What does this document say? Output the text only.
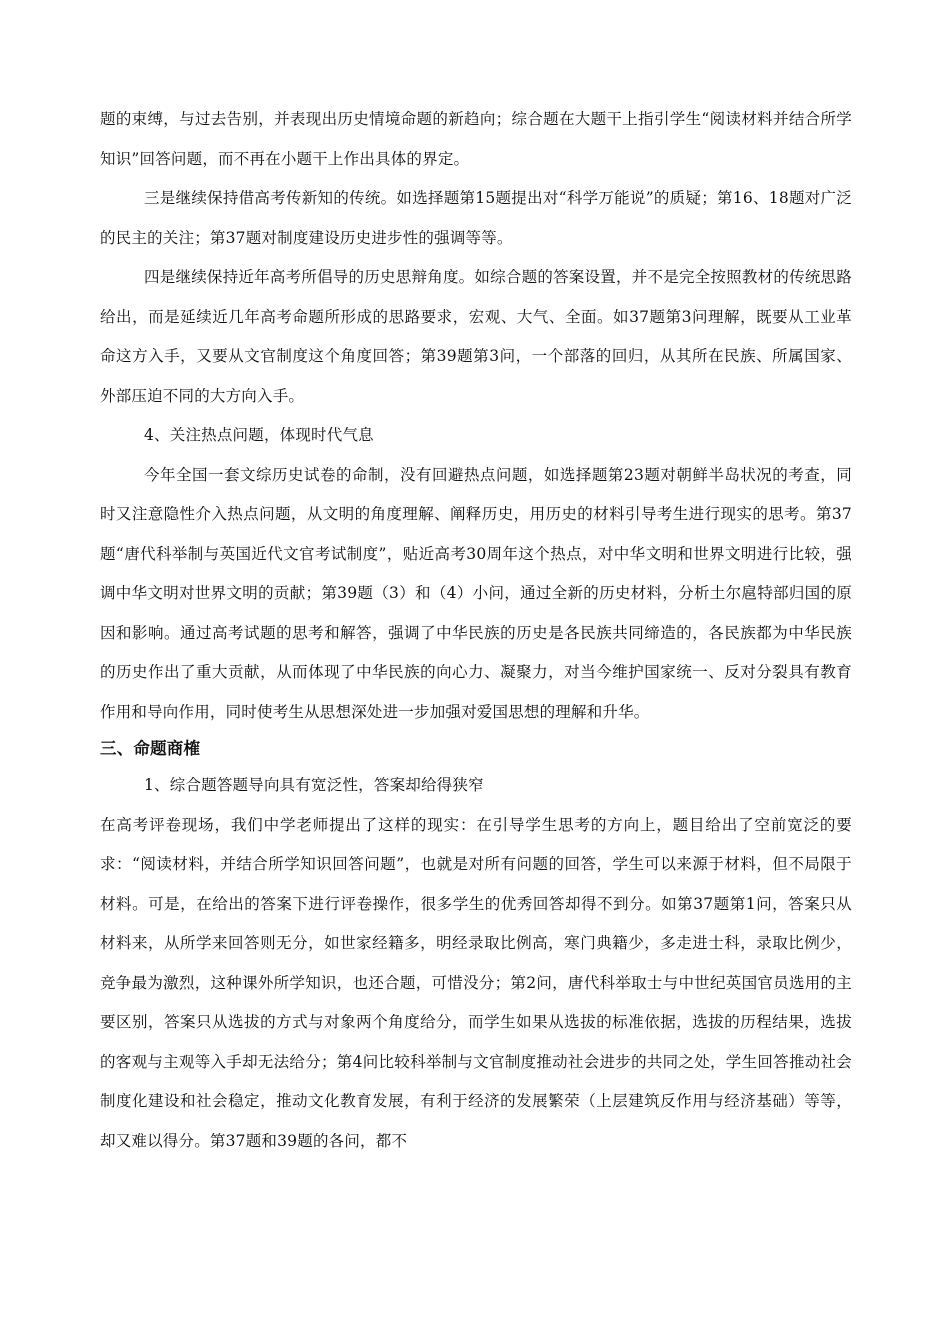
题的束缚，与过去告别，并表现出历史情境命题的新趋向；综合题在大题干上指引学生“阅读材料并结合所学知识”回答问题，而不再在小题干上作出具体的界定。

三是继续保持借高考传新知的传统。如选择题第15题提出对“科学万能说”的质疑；第16、18题对广泛的民主的关注；第37题对制度建设历史进步性的强调等等。

四是继续保持近年高考所倡导的历史思辩角度。如综合题的答案设置，并不是完全按照教材的传统思路给出，而是延续近几年高考命题所形成的思路要求，宏观、大气、全面。如37题第3问理解，既要从工业革命这方入手，又要从文官制度这个角度回答；第39题第3问，一个部落的回归，从其所在民族、所属国家、外部压迫不同的大方向入手。

4、关注热点问题，体现时代气息

今年全国一套文综历史试卷的命制，没有回避热点问题，如选择题第23题对朝鲜半岛状况的考查，同时又注意隐性介入热点问题，从文明的角度理解、阐释历史，用历史的材料引导考生进行现实的思考。第37题“唐代科举制与英国近代文官考试制度”，贴近高考30周年这个热点，对中华文明和世界文明进行比较，强调中华文明对世界文明的贡献；第39题（3）和（4）小问，通过全新的历史材料，分析土尔扈特部归国的原因和影响。通过高考试题的思考和解答，强调了中华民族的历史是各民族共同缔造的，各民族都为中华民族的历史作出了重大贡献，从而体现了中华民族的向心力、凝聚力，对当今维护国家统一、反对分裂具有教育作用和导向作用，同时使考生从思想深处进一步加强对爱国思想的理解和升华。

三、命题商榷

1、综合题答题导向具有宽泛性，答案却给得狭窄

在高考评卷现场，我们中学老师提出了这样的现实：在引导学生思考的方向上，题目给出了空前宽泛的要求：“阅读材料，并结合所学知识回答问题”，也就是对所有问题的回答，学生可以来源于材料，但不局限于材料。可是，在给出的答案下进行评卷操作，很多学生的优秀回答却得不到分。如第37题第1问，答案只从材料来，从所学来回答则无分，如世家经籍多，明经录取比例高，寒门典籍少，多走进士科，录取比例少，竞争最为激烈，这种课外所学知识，也还合题，可惜没分；第2问，唐代科举取士与中世纪英国官员选用的主要区别，答案只从选拔的方式与对象两个角度给分，而学生如果从选拔的标准依据，选拔的历程结果，选拔的客观与主观等入手却无法给分；第4问比较科举制与文官制度推动社会进步的共同之处，学生回答推动社会制度化建设和社会稳定，推动文化教育发展，有利于经济的发展繁荣（上层建筑反作用与经济基础）等等，却又难以得分。第37题和39题的各问，都不
